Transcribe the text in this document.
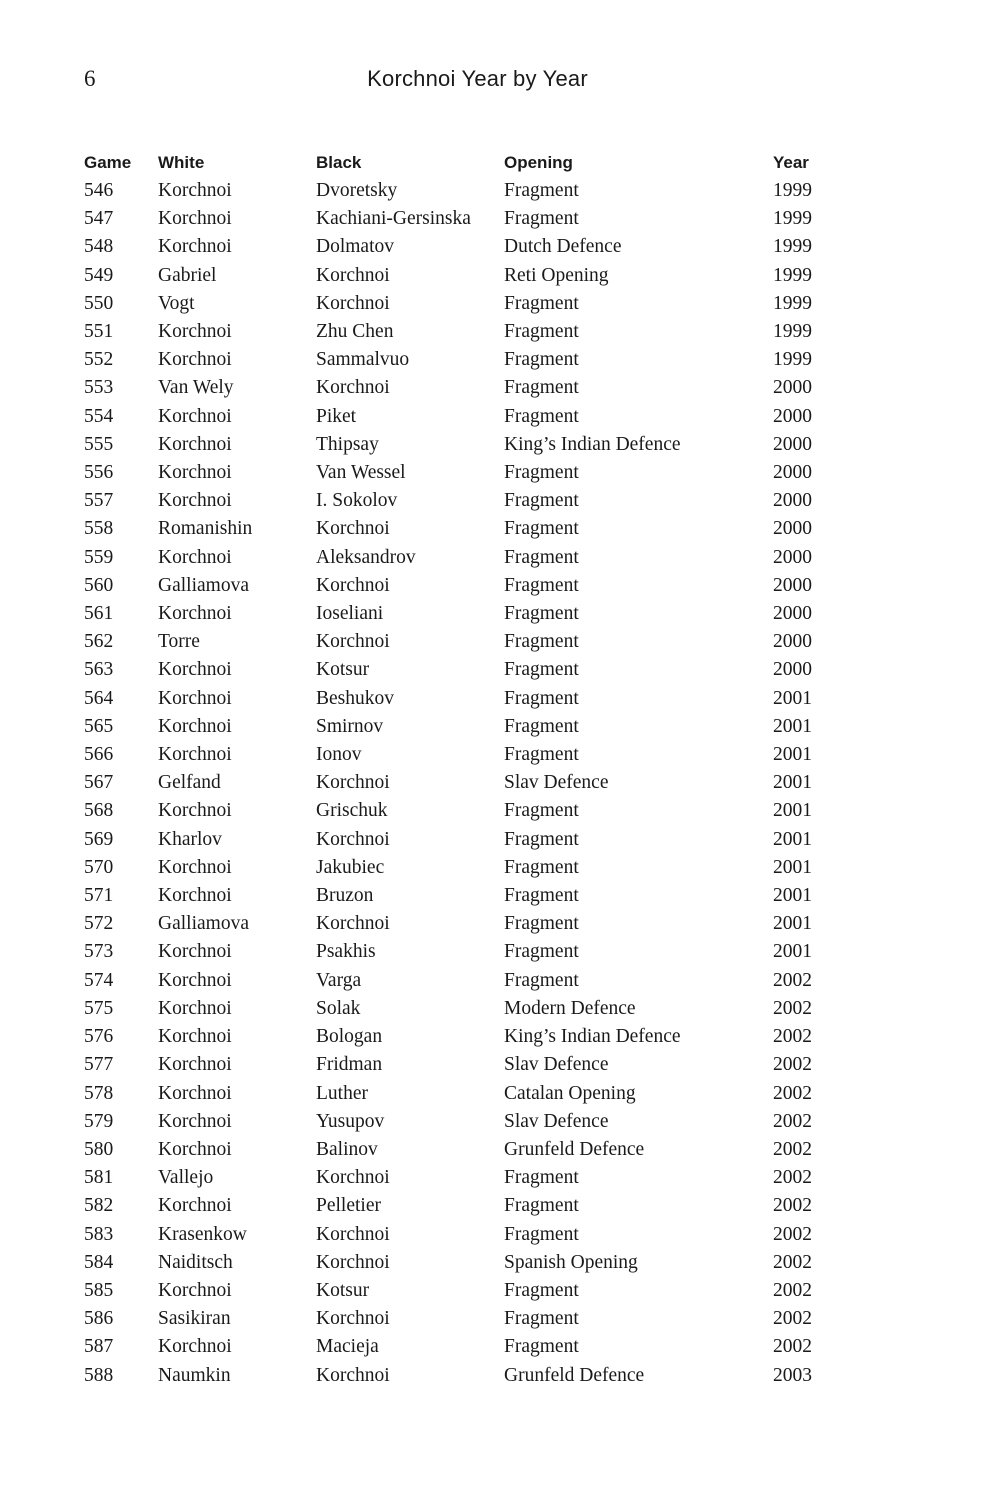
6	Korchnoi Year by Year
Game	White	Black	Opening	Year
546	Korchnoi	Dvoretsky	Fragment	1999
547	Korchnoi	Kachiani-Gersinska	Fragment	1999
548	Korchnoi	Dolmatov	Dutch Defence	1999
549	Gabriel	Korchnoi	Reti Opening	1999
550	Vogt	Korchnoi	Fragment	1999
551	Korchnoi	Zhu Chen	Fragment	1999
552	Korchnoi	Sammalvuo	Fragment	1999
553	Van Wely	Korchnoi	Fragment	2000
554	Korchnoi	Piket	Fragment	2000
555	Korchnoi	Thipsay	King’s Indian Defence	2000
556	Korchnoi	Van Wessel	Fragment	2000
557	Korchnoi	I. Sokolov	Fragment	2000
558	Romanishin	Korchnoi	Fragment	2000
559	Korchnoi	Aleksandrov	Fragment	2000
560	Galliamova	Korchnoi	Fragment	2000
561	Korchnoi	Ioseliani	Fragment	2000
562	Torre	Korchnoi	Fragment	2000
563	Korchnoi	Kotsur	Fragment	2000
564	Korchnoi	Beshukov	Fragment	2001
565	Korchnoi	Smirnov	Fragment	2001
566	Korchnoi	Ionov	Fragment	2001
567	Gelfand	Korchnoi	Slav Defence	2001
568	Korchnoi	Grischuk	Fragment	2001
569	Kharlov	Korchnoi	Fragment	2001
570	Korchnoi	Jakubiec	Fragment	2001
571	Korchnoi	Bruzon	Fragment	2001
572	Galliamova	Korchnoi	Fragment	2001
573	Korchnoi	Psakhis	Fragment	2001
574	Korchnoi	Varga	Fragment	2002
575	Korchnoi	Solak	Modern Defence	2002
576	Korchnoi	Bologan	King’s Indian Defence	2002
577	Korchnoi	Fridman	Slav Defence	2002
578	Korchnoi	Luther	Catalan Opening	2002
579	Korchnoi	Yusupov	Slav Defence	2002
580	Korchnoi	Balinov	Grunfeld Defence	2002
581	Vallejo	Korchnoi	Fragment	2002
582	Korchnoi	Pelletier	Fragment	2002
583	Krasenkow	Korchnoi	Fragment	2002
584	Naiditsch	Korchnoi	Spanish Opening	2002
585	Korchnoi	Kotsur	Fragment	2002
586	Sasikiran	Korchnoi	Fragment	2002
587	Korchnoi	Macieja	Fragment	2002
588	Naumkin	Korchnoi	Grunfeld Defence	2003
